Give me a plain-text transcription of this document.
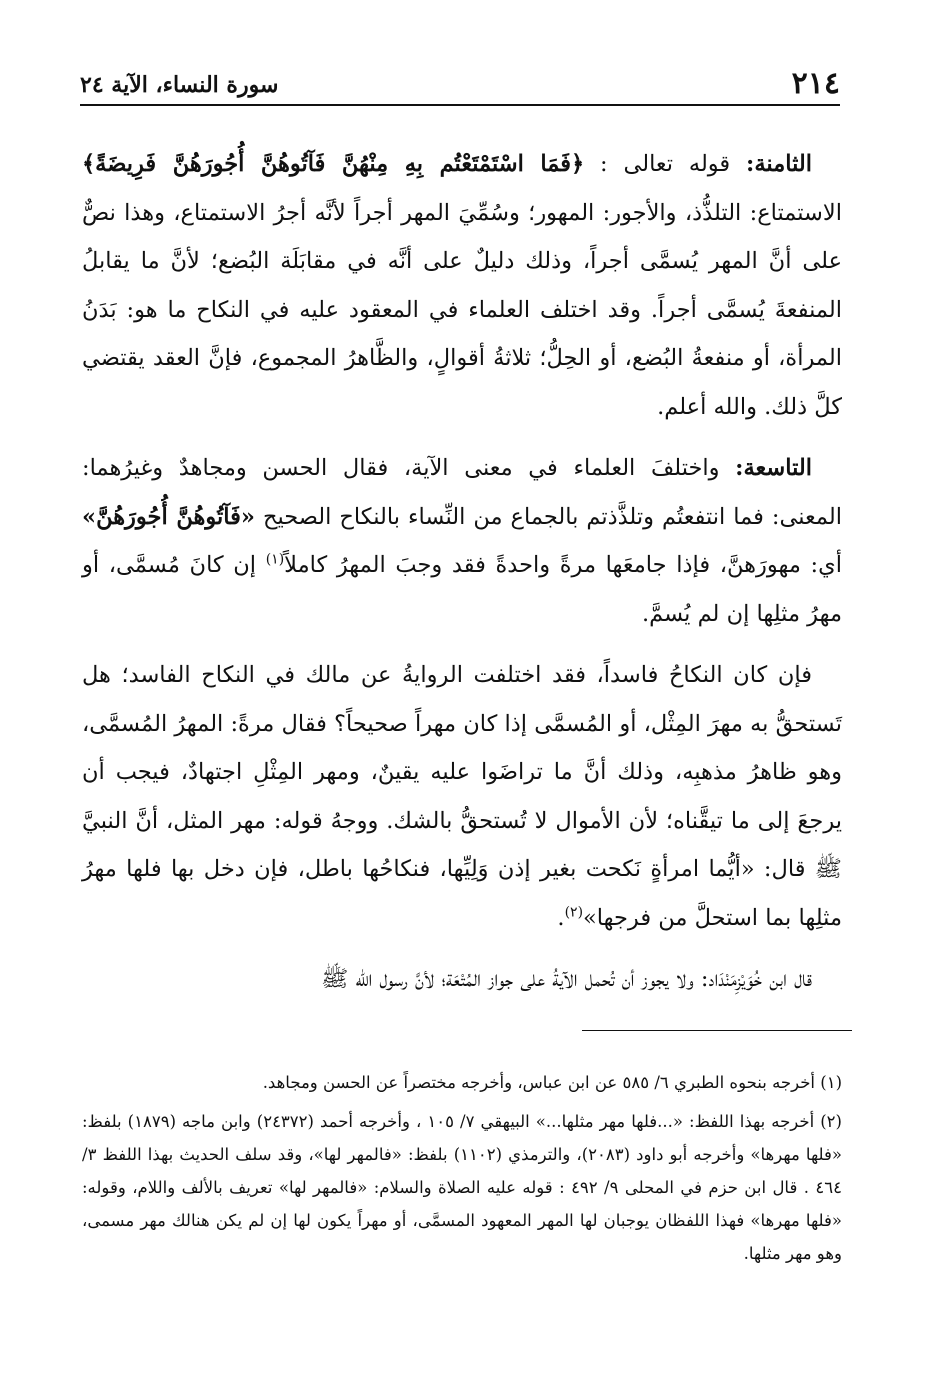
٢١٤
سورة النساء، الآية ٢٤

الثامنة: قوله تعالى : ﴿فَمَا اسْتَمْتَعْتُم بِهِ مِنْهُنَّ فَآتُوهُنَّ أُجُورَهُنَّ فَرِيضَةً﴾ الاستمتاع: التلذُّذ، والأجور: المهور؛ وسُمِّيَ المهر أجراً لأنَّه أجرُ الاستمتاع، وهذا نصٌّ على أنَّ المهر يُسمَّى أجراً، وذلك دليلٌ على أنَّه في مقابَلَة البُضع؛ لأنَّ ما يقابلُ المنفعةَ يُسمَّى أجراً. وقد اختلف العلماء في المعقود عليه في النكاح ما هو: بَدَنُ المرأة، أو منفعةُ البُضع، أو الحِلُّ؛ ثلاثةُ أقوالٍ، والظَّاهرُ المجموع، فإنَّ العقد يقتضي كلَّ ذلك. والله أعلم.

التاسعة: واختلفَ العلماء في معنى الآية، فقال الحسن ومجاهدٌ وغيرُهما: المعنى: فما انتفعتُم وتلذَّذتم بالجماع من النِّساء بالنكاح الصحيح «فَآتُوهُنَّ أُجُورَهُنَّ» أي: مهورَهنَّ، فإذا جامعَها مرةً واحدةً فقد وجبَ المهرُ كاملاً$^{(١)}$ إن كانَ مُسمَّى، أو مهرُ مثلِها إن لم يُسمَّ.

فإن كان النكاحُ فاسداً، فقد اختلفت الروايةُ عن مالك في النكاح الفاسد؛ هل تَستحقُّ به مهرَ المِثْل، أو المُسمَّى إذا كان مهراً صحيحاً؟ فقال مرةً: المهرُ المُسمَّى، وهو ظاهرُ مذهبِه، وذلك أنَّ ما تراضَوا عليه يقينٌ، ومهر المِثْلِ اجتهادٌ، فيجب أن يرجعَ إلى ما تيقَّناه؛ لأن الأموال لا تُستحقُّ بالشك. ووجهُ قوله: مهر المثل، أنَّ النبيَّ ﷺ قال: «أيُّما امرأةٍ نَكحت بغير إذن وَلِيِّها، فنكاحُها باطل، فإن دخل بها فلها مهرُ مثلِها بما استحلَّ من فرجها»$^{(٢)}$.

قال ابن خُوَيْزِمَنْدَاد: ولا يجوز أن تُحمل الآيةُ على جواز المُتْعَة؛ لأنَّ رسول الله ﷺ

(١) أخرجه بنحوه الطبري ٦/ ٥٨٥ عن ابن عباس، وأخرجه مختصراً عن الحسن ومجاهد.

(٢) أخرجه بهذا اللفظ: «...فلها مهر مثلها...» البيهقي ٧/ ١٠٥ ، وأخرجه أحمد (٢٤٣٧٢) وابن ماجه (١٨٧٩) بلفظ: «فلها مهرها» وأخرجه أبو داود (٢٠٨٣)، والترمذي (١١٠٢) بلفظ: «فالمهر لها»، وقد سلف الحديث بهذا اللفظ ٣/ ٤٦٤ . قال ابن حزم في المحلى ٩/ ٤٩٢ : قوله عليه الصلاة والسلام: «فالمهر لها» تعريف بالألف واللام، وقوله: «فلها مهرها» فهذا اللفظان يوجبان لها المهر المعهود المسمَّى، أو مهراً يكون لها إن لم يكن هنالك مهر مسمى، وهو مهر مثلها.
